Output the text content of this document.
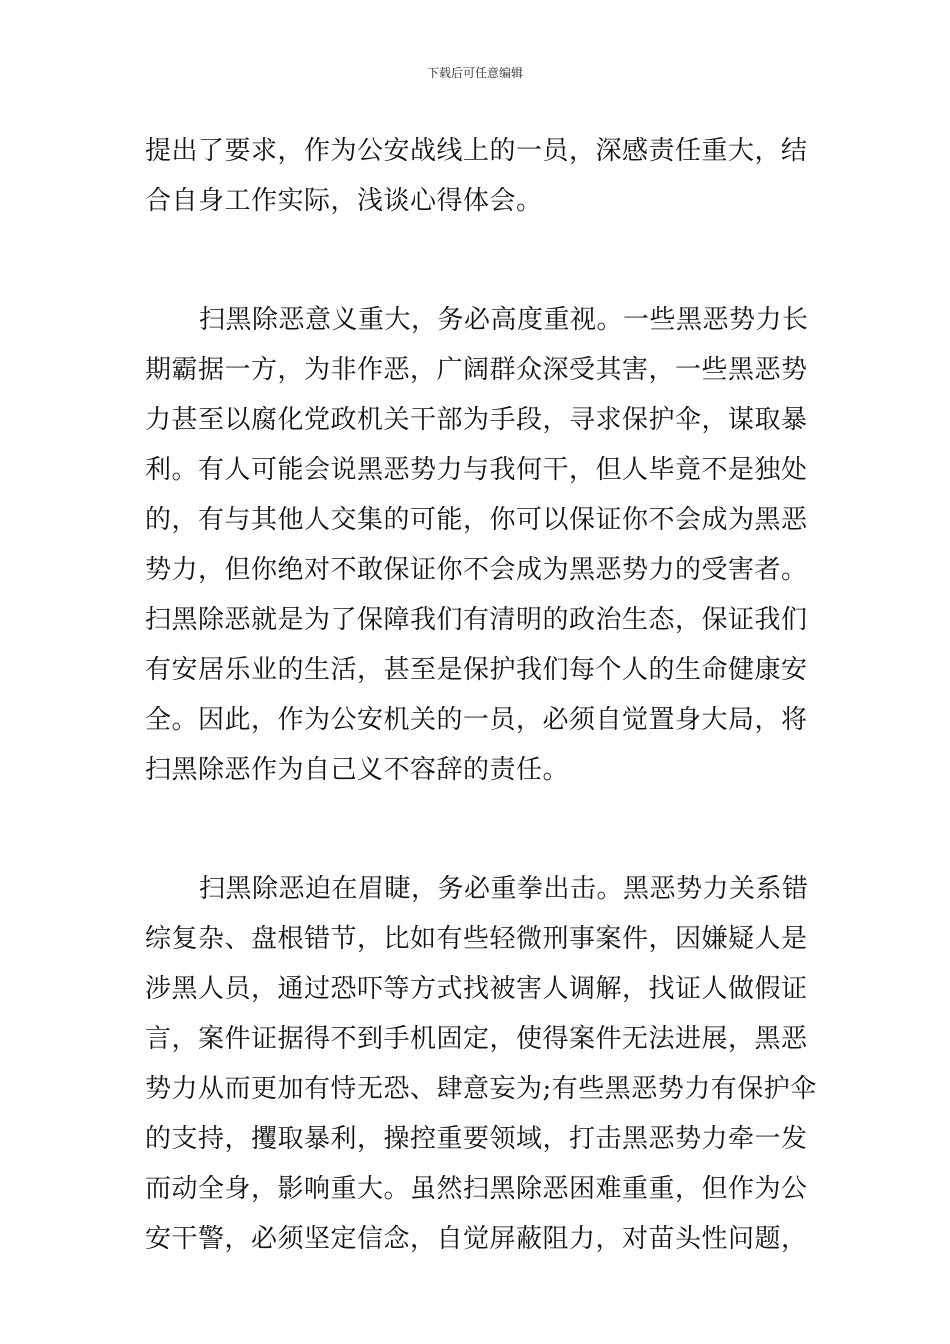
下载后可任意编辑
提出了要求，作为公安战线上的一员，深感责任重大，结
合自身工作实际，浅谈心得体会。
扫黑除恶意义重大，务必高度重视。一些黑恶势力长
期霸据一方，为非作恶，广阔群众深受其害，一些黑恶势
力甚至以腐化党政机关干部为手段，寻求保护伞，谋取暴
利。有人可能会说黑恶势力与我何干，但人毕竟不是独处
的，有与其他人交集的可能，你可以保证你不会成为黑恶
势力，但你绝对不敢保证你不会成为黑恶势力的受害者。
扫黑除恶就是为了保障我们有清明的政治生态，保证我们
有安居乐业的生活，甚至是保护我们每个人的生命健康安
全。因此，作为公安机关的一员，必须自觉置身大局，将
扫黑除恶作为自己义不容辞的责任。
扫黑除恶迫在眉睫，务必重拳出击。黑恶势力关系错
综复杂、盘根错节，比如有些轻微刑事案件，因嫌疑人是
涉黑人员，通过恐吓等方式找被害人调解，找证人做假证
言，案件证据得不到手机固定，使得案件无法进展，黑恶
势力从而更加有恃无恐、肆意妄为;有些黑恶势力有保护伞
的支持，攫取暴利，操控重要领域，打击黑恶势力牵一发
而动全身，影响重大。虽然扫黑除恶困难重重，但作为公
安干警，必须坚定信念，自觉屏蔽阻力，对苗头性问题，
